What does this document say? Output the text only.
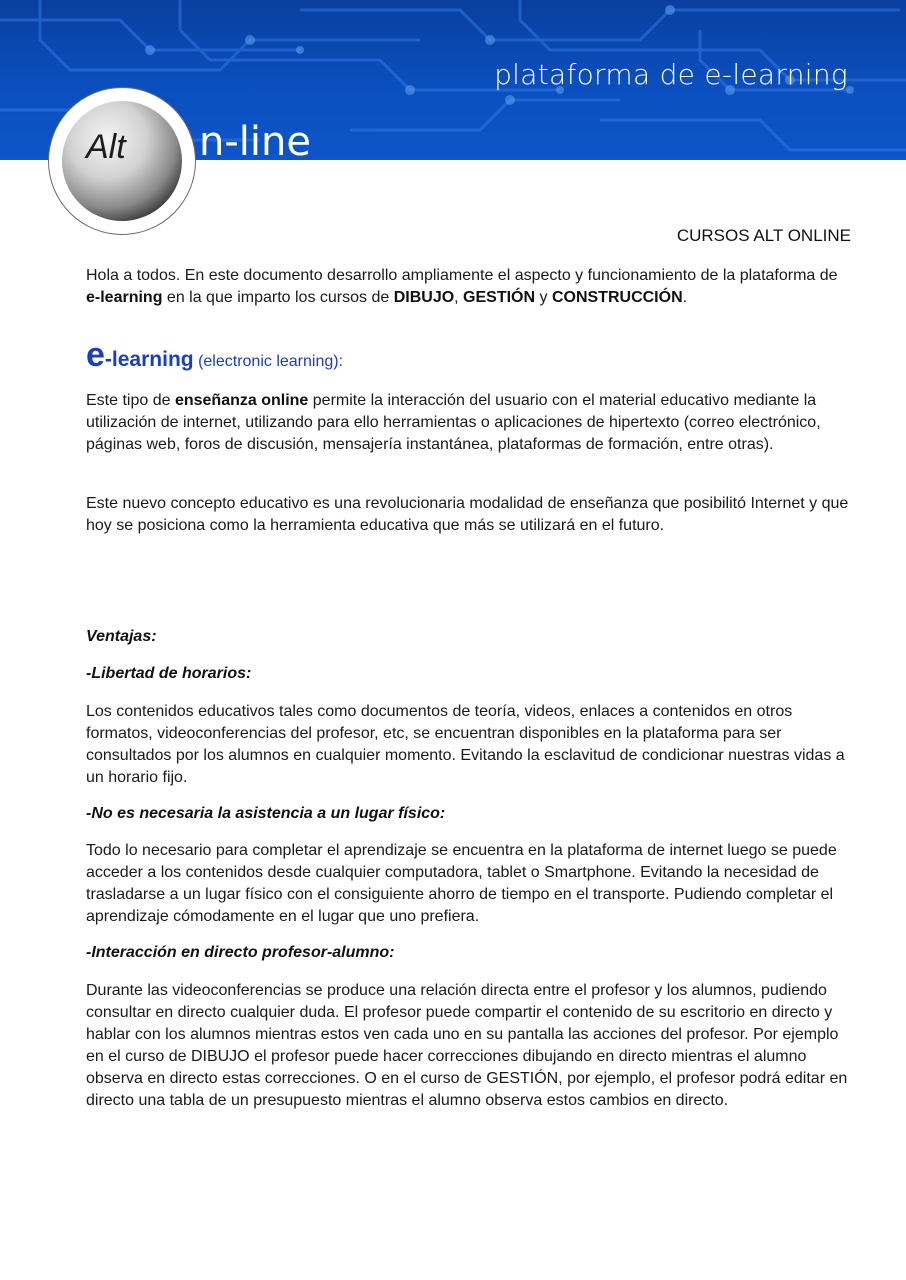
plataforma de e-learning
n-line
Alt
CURSOS ALT ONLINE

Hola a todos. En este documento desarrollo ampliamente el aspecto y funcionamiento de la plataforma de e-learning en la que imparto los cursos de DIBUJO, GESTIÓN y CONSTRUCCIÓN.

e-learning (electronic learning):

Este tipo de enseñanza online permite la interacción del usuario con el material educativo mediante la utilización de internet, utilizando para ello herramientas o aplicaciones de hipertexto (correo electrónico, páginas web, foros de discusión, mensajería instantánea, plataformas de formación, entre otras).

Este nuevo concepto educativo es una revolucionaria modalidad de enseñanza que posibilitó Internet y que hoy se posiciona como la herramienta educativa que más se utilizará en el futuro.

Ventajas:
-Libertad de horarios:

Los contenidos educativos tales como documentos de teoría, videos, enlaces a contenidos en otros formatos, videoconferencias del profesor, etc, se encuentran disponibles en la plataforma para ser consultados por los alumnos en cualquier momento. Evitando la esclavitud de condicionar nuestras vidas a un horario fijo.

-No es necesaria la asistencia a un lugar físico:

Todo lo necesario para completar el aprendizaje se encuentra en la plataforma de internet luego se puede acceder a los contenidos desde cualquier computadora, tablet o Smartphone. Evitando la necesidad de trasladarse a un lugar físico con el consiguiente ahorro de tiempo en el transporte. Pudiendo completar el aprendizaje cómodamente en el lugar que uno prefiera.

-Interacción en directo profesor-alumno:

Durante las videoconferencias se produce una relación directa entre el profesor y los alumnos, pudiendo consultar en directo cualquier duda. El profesor puede compartir el contenido de su escritorio en directo y hablar con los alumnos mientras estos ven cada uno en su pantalla las acciones del profesor. Por ejemplo en el curso de DIBUJO el profesor puede hacer correcciones dibujando en directo mientras el alumno observa en directo estas correcciones. O en el curso de GESTIÓN, por ejemplo, el profesor podrá editar en directo una tabla de un presupuesto mientras el alumno observa estos cambios en directo.
